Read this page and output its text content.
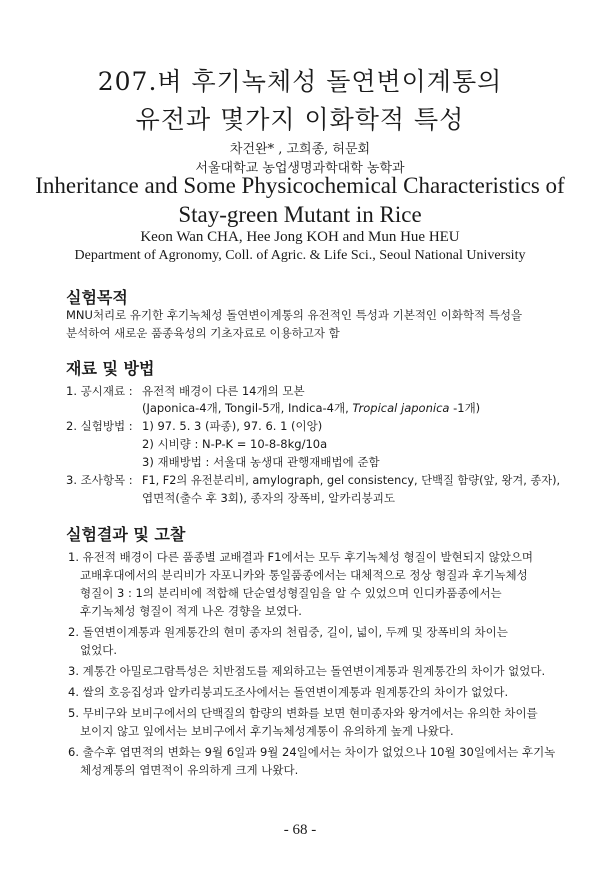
207.벼 후기녹체성 돌연변이계통의
유전과 몇가지 이화학적 특성
차건완* , 고희종, 허문회
서울대학교 농업생명과학대학 농학과
Inheritance and Some Physicochemical Characteristics of
Stay-green Mutant in Rice
Keon Wan CHA, Hee Jong KOH and Mun Hue HEU
Department of Agronomy, Coll. of Agric. & Life Sci., Seoul National University
실험목적
MNU처리로 유기한 후기녹체성 돌연변이계통의 유전적인 특성과 기본적인 이화학적 특성을
분석하여 새로운 품종육성의 기초자료로 이용하고자 함
재료 및 방법
1. 공시재료 : 유전적 배경이 다른 14개의 모본
(Japonica-4개, Tongil-5개, Indica-4개, Tropical japonica -1개)
2. 실험방법 : 1) 97. 5. 3 (파종), 97. 6. 1 (이앙)
2) 시비량 : N-P-K = 10-8-8kg/10a
3) 재배방법 : 서울대 농생대 관행재배법에 준함
3. 조사항목 : F1, F2의 유전분리비, amylograph, gel consistency, 단백질 함량(앞, 왕겨, 종자),
엽면적(출수 후 3회), 종자의 장폭비, 알카리붕괴도
실험결과 및 고찰
1. 유전적 배경이 다른 품종별 교배결과 F1에서는 모두 후기녹체성 형질이 발현되지 않았으며
교배후대에서의 분리비가 자포니카와 통일품종에서는 대체적으로 정상 형질과 후기녹체성
형질이 3 : 1의 분리비에 적합해 단순열성형질임을 알 수 있었으며 인디카품종에서는
후기녹체성 형질이 적게 나온 경향을 보였다.
2. 돌연변이계통과 원계통간의 현미 종자의 천립중, 길이, 넓이, 두께 및 장폭비의 차이는
없었다.
3. 계통간 아밀로그람특성은 치반점도를 제외하고는 돌연변이계통과 원계통간의 차이가 없었다.
4. 쌀의 호응집성과 알카리붕괴도조사에서는 돌연변이계통과 원계통간의 차이가 없었다.
5. 무비구와 보비구에서의 단백질의 함량의 변화를 보면 현미종자와 왕겨에서는 유의한 차이를
보이지 않고 잎에서는 보비구에서 후기녹체성계통이 유의하게 높게 나왔다.
6. 출수후 엽면적의 변화는 9월 6일과 9월 24일에서는 차이가 없었으나 10월 30일에서는 후기녹
체성계통의 엽면적이 유의하게 크게 나왔다.
- 68 -
